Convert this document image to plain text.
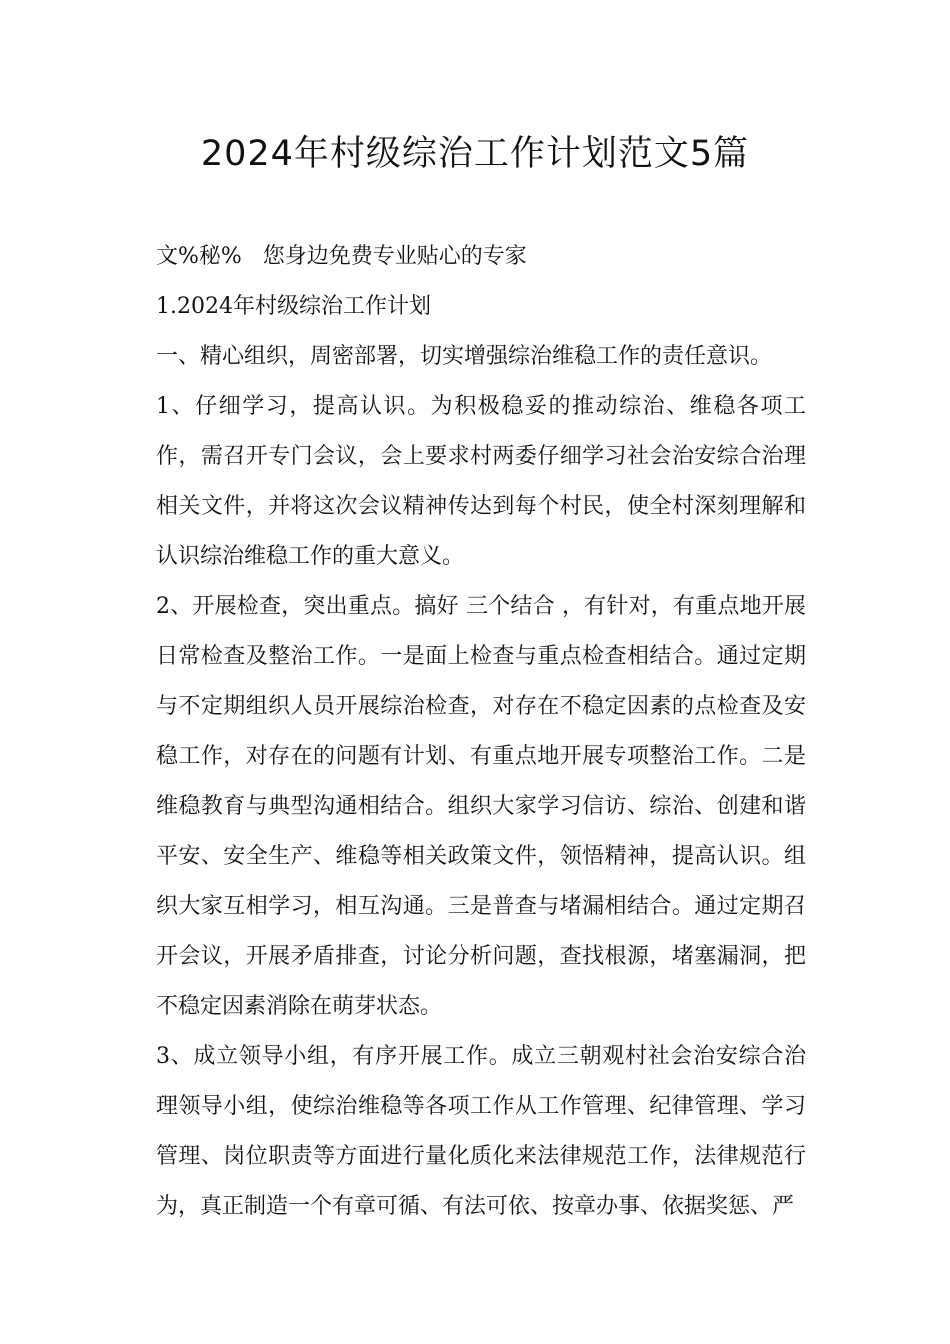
2024年村级综治工作计划范文5篇

文%秘%   您身边免费专业贴心的专家

1.2024年村级综治工作计划

一、精心组织，周密部署，切实增强综治维稳工作的责任意识。

1、仔细学习，提高认识。为积极稳妥的推动综治、维稳各项工作，需召开专门会议，会上要求村两委仔细学习社会治安综合治理相关文件，并将这次会议精神传达到每个村民，使全村深刻理解和认识综治维稳工作的重大意义。

2、开展检查，突出重点。搞好 三个结合 ，有针对，有重点地开展日常检查及整治工作。一是面上检查与重点检查相结合。通过定期与不定期组织人员开展综治检查，对存在不稳定因素的点检查及安稳工作，对存在的问题有计划、有重点地开展专项整治工作。二是维稳教育与典型沟通相结合。组织大家学习信访、综治、创建和谐平安、安全生产、维稳等相关政策文件，领悟精神，提高认识。组织大家互相学习，相互沟通。三是普查与堵漏相结合。通过定期召开会议，开展矛盾排查，讨论分析问题，查找根源，堵塞漏洞，把不稳定因素消除在萌芽状态。

3、成立领导小组，有序开展工作。成立三朝观村社会治安综合治理领导小组，使综治维稳等各项工作从工作管理、纪律管理、学习管理、岗位职责等方面进行量化质化来法律规范工作，法律规范行为，真正制造一个有章可循、有法可依、按章办事、依据奖惩、严
